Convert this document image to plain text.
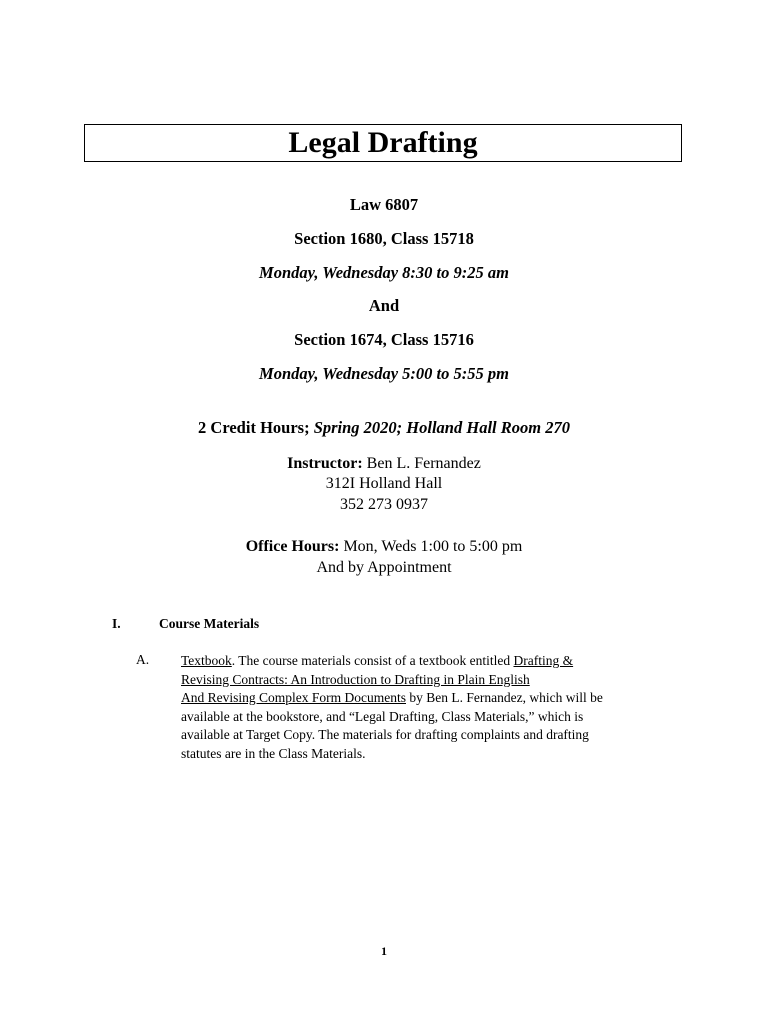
Legal Drafting
Law 6807
Section 1680, Class 15718
Monday, Wednesday 8:30 to 9:25 am
And
Section 1674, Class 15716
Monday, Wednesday 5:00 to 5:55 pm
2 Credit Hours; Spring 2020; Holland Hall Room 270
Instructor: Ben L. Fernandez
312I Holland Hall
352 273 0937
Office Hours: Mon, Weds 1:00 to 5:00 pm
And by Appointment
I.	Course Materials
A. Textbook. The course materials consist of a textbook entitled Drafting &
Revising Contracts: An Introduction to Drafting in Plain English
And Revising Complex Form Documents by Ben L. Fernandez, which will be
available at the bookstore, and “Legal Drafting, Class Materials,” which is
available at Target Copy. The materials for drafting complaints and drafting
statutes are in the Class Materials.
1
